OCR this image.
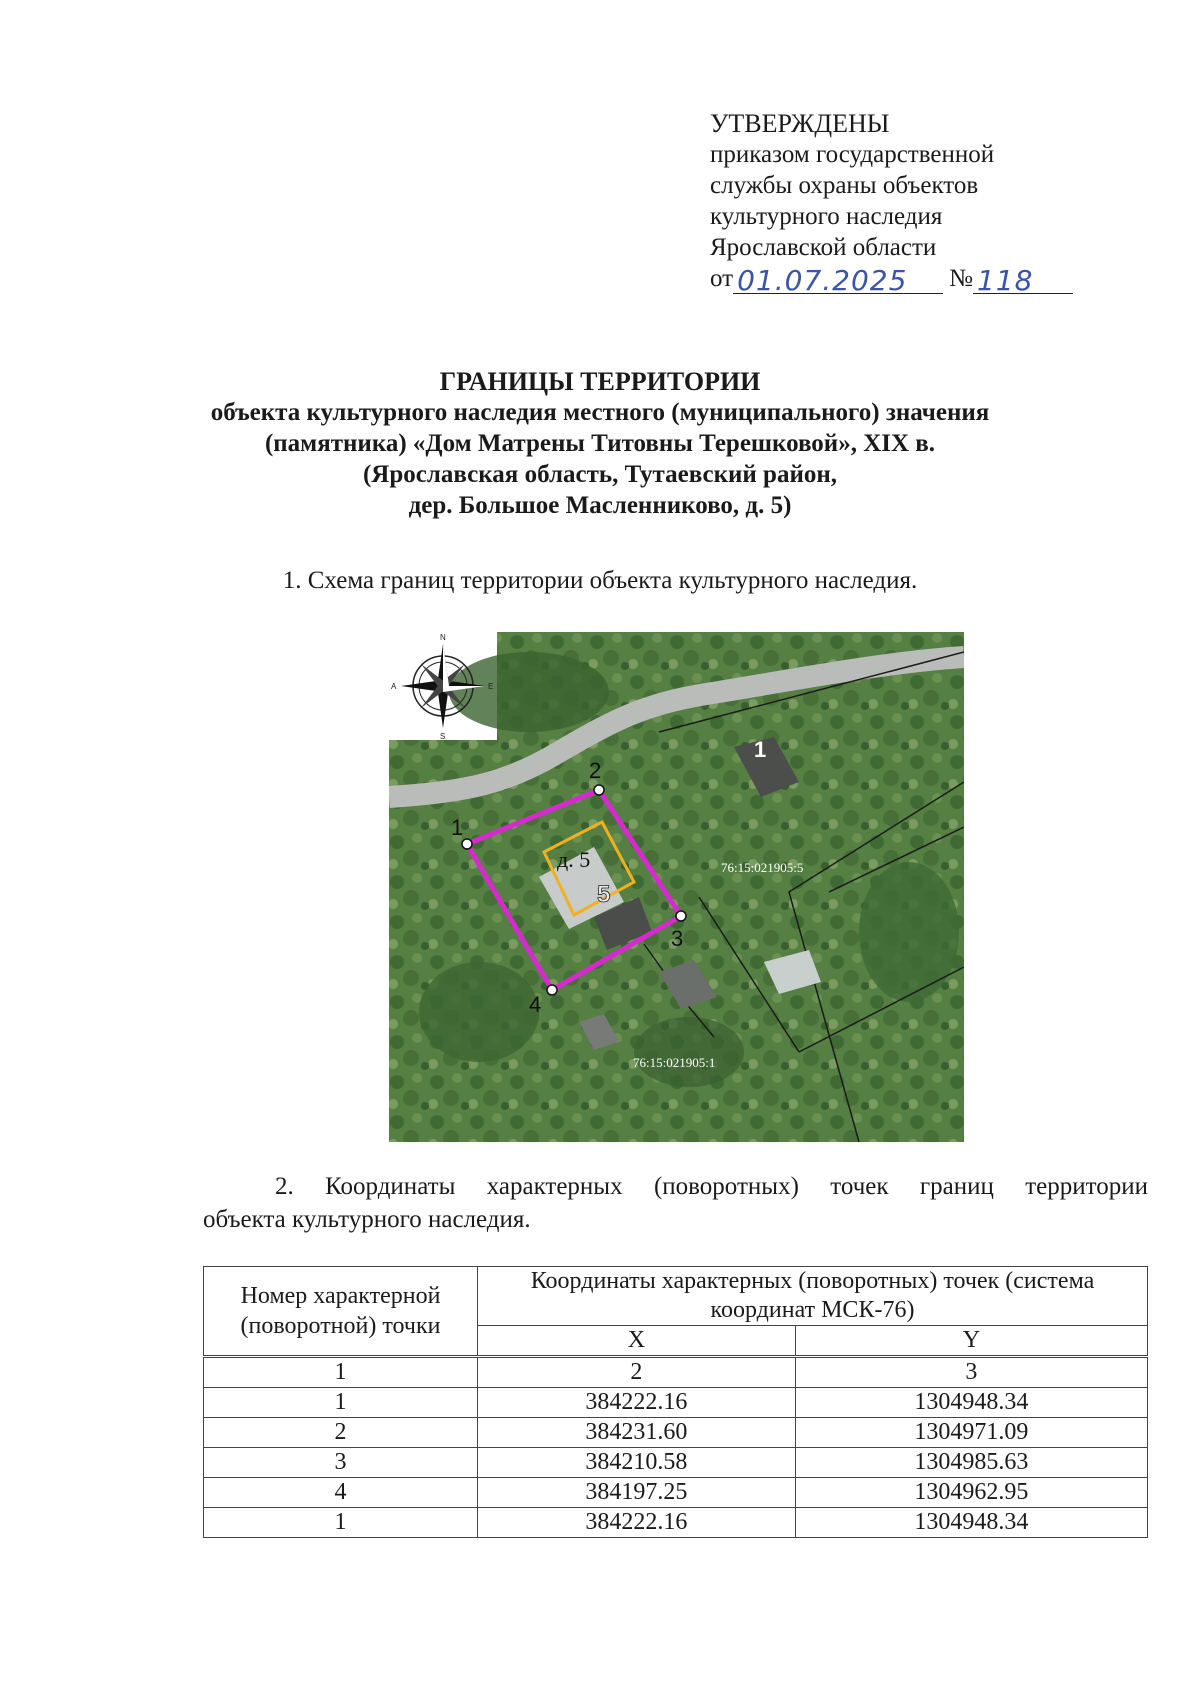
УТВЕРЖДЕНЫ
приказом государственной
службы охраны объектов
культурного наследия
Ярославской области
от 01.07.2025 № 118
ГРАНИЦЫ ТЕРРИТОРИИ
объекта культурного наследия местного (муниципального) значения
(памятника) «Дом Матрены Титовны Терешковой», XIX в.
(Ярославская область, Тутаевский район,
дер. Большое Масленниково, д. 5)
1. Схема границ территории объекта культурного наследия.
1
2
3
4
д. 5
5
1
76:15:021905:5
76:15:021905:1
N
S
A	E
2. Координаты характерных (поворотных) точек границ территории
объекта культурного наследия.
Номер характерной (поворотной) точки	Координаты характерных (поворотных) точек (система координат МСК-76)	
	X	Y
1	2	3
1	384222.16	1304948.34
2	384231.60	1304971.09
3	384210.58	1304985.63
4	384197.25	1304962.95
1	384222.16	1304948.34
